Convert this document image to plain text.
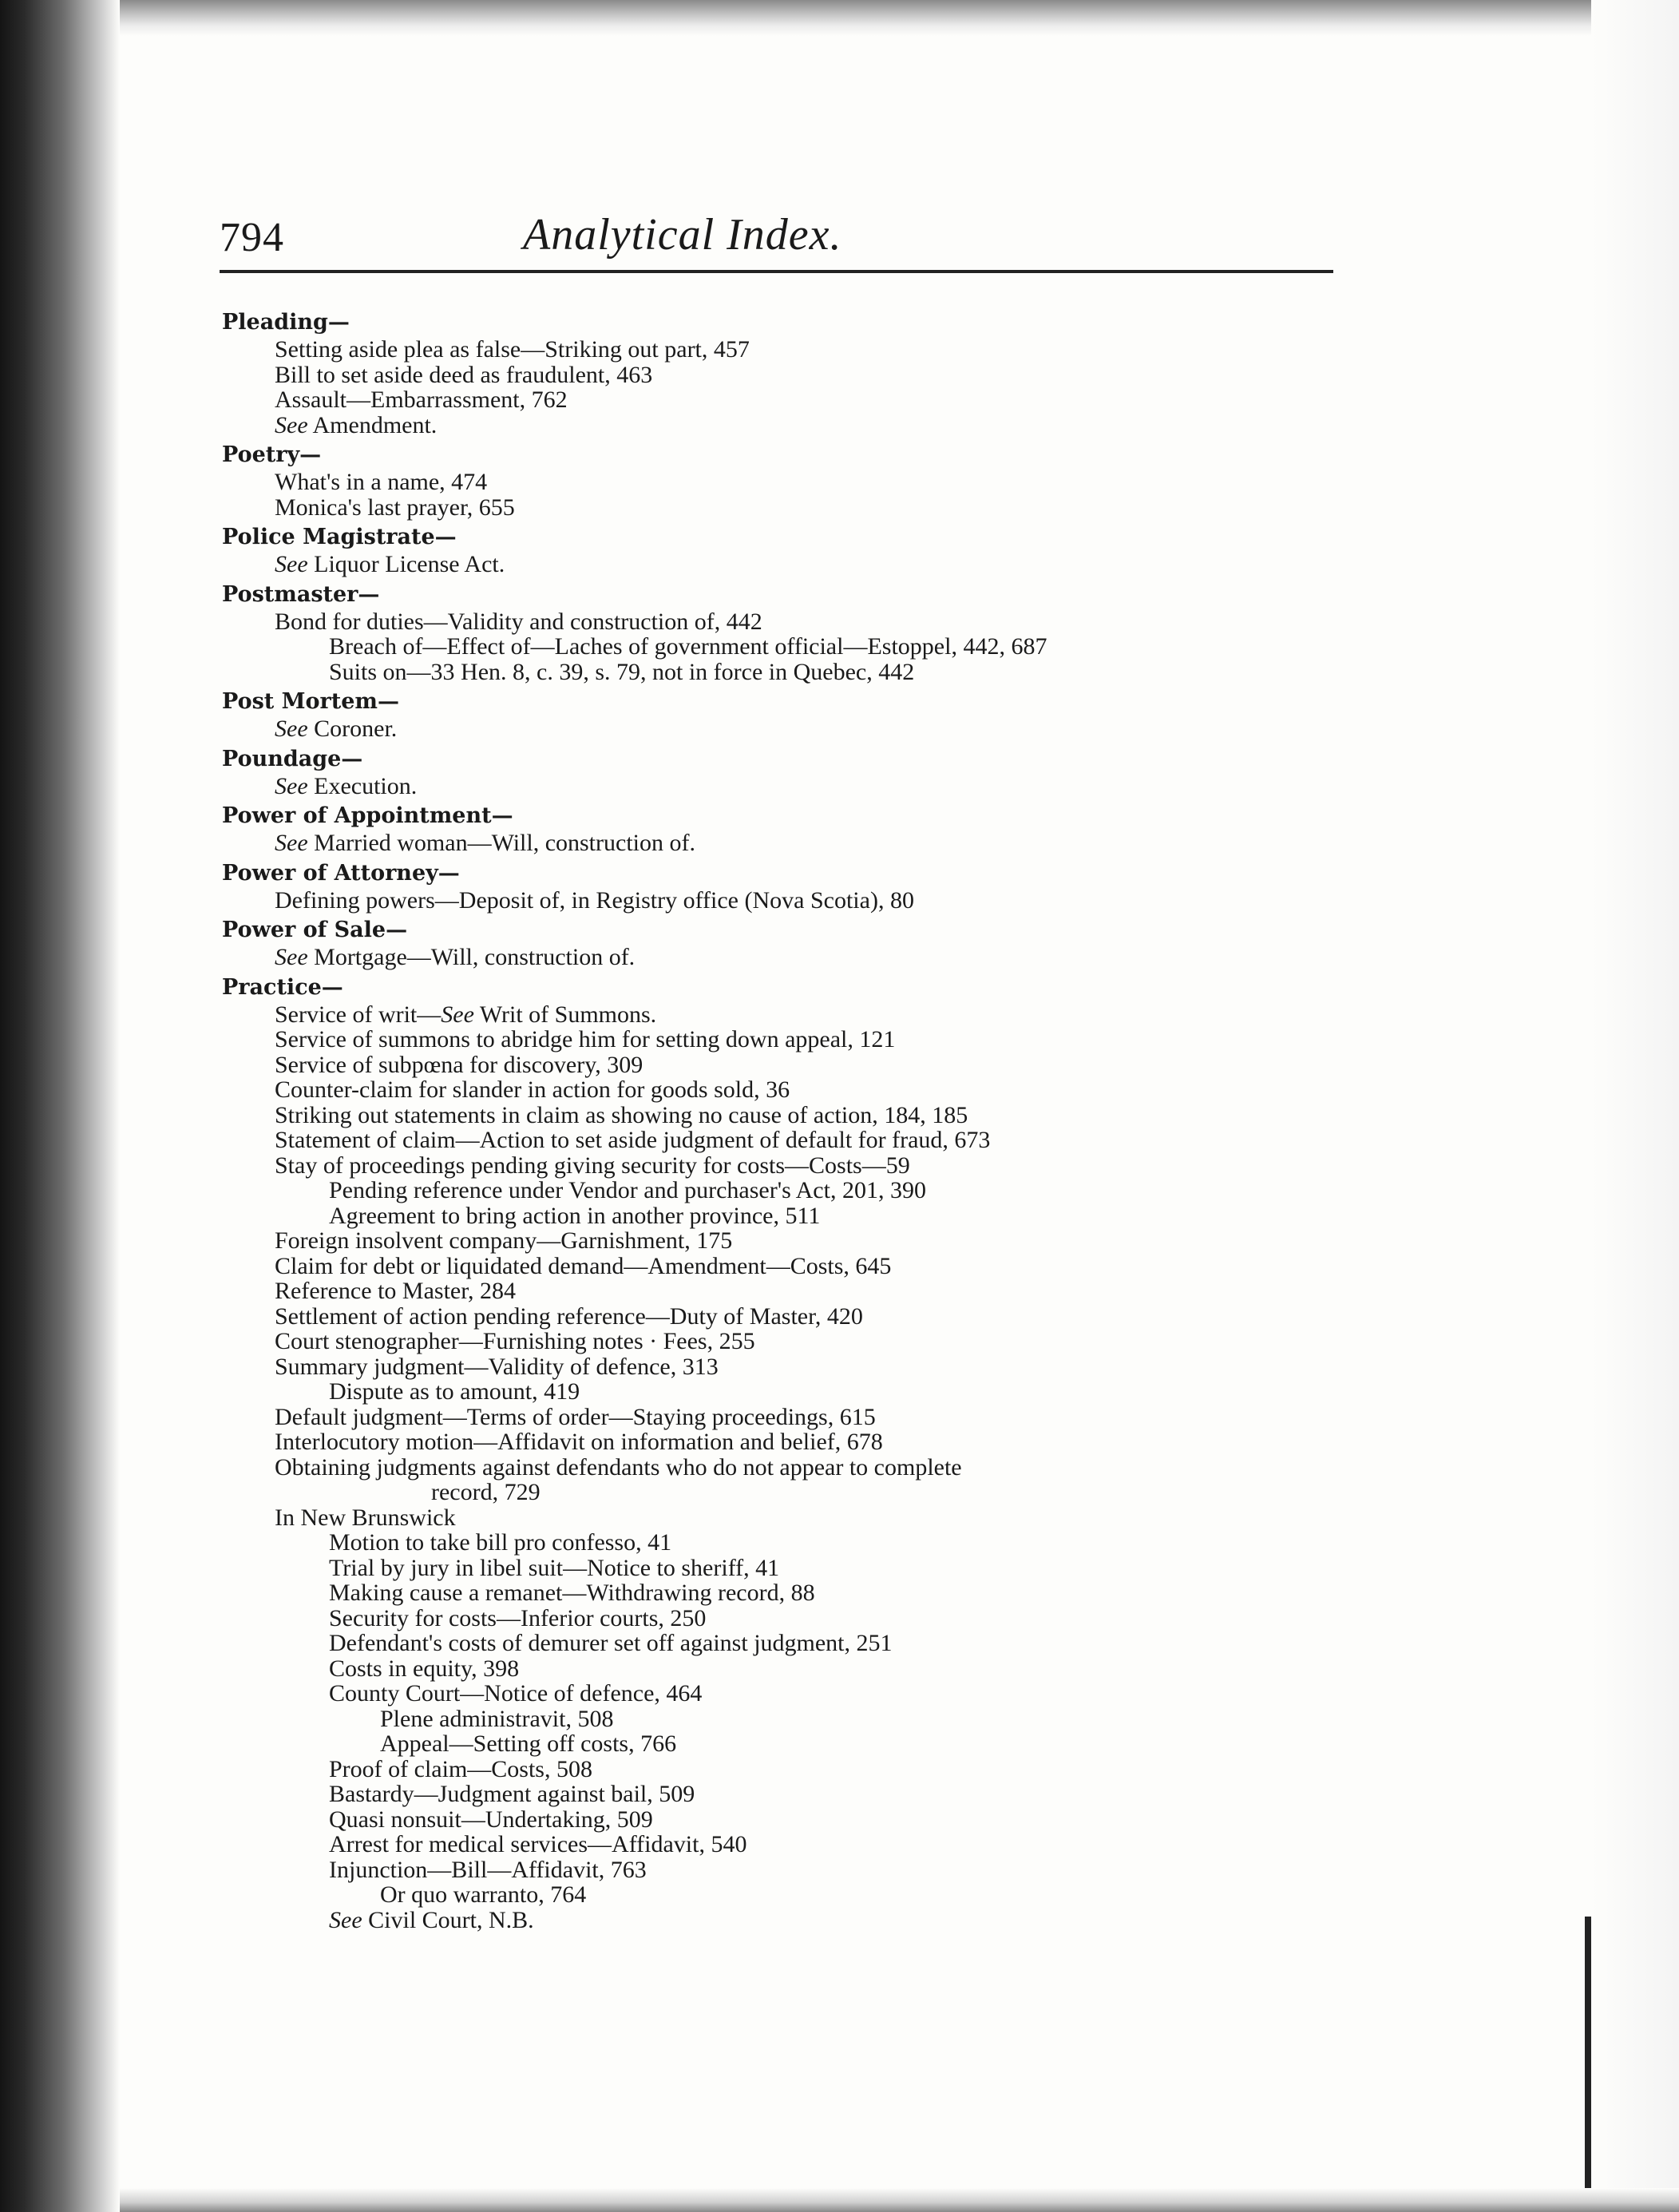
794	Analytical Index.
Pleading—
Setting aside plea as false—Striking out part, 457
Bill to set aside deed as fraudulent, 463
Assault—Embarrassment, 762
See Amendment.
Poetry—
What's in a name, 474
Monica's last prayer, 655
Police Magistrate—
See Liquor License Act.
Postmaster—
Bond for duties—Validity and construction of, 442
Breach of—Effect of—Laches of government official—Estoppel, 442, 687
Suits on—33 Hen. 8, c. 39, s. 79, not in force in Quebec, 442
Post Mortem—
See Coroner.
Poundage—
See Execution.
Power of Appointment—
See Married woman—Will, construction of.
Power of Attorney—
Defining powers—Deposit of, in Registry office (Nova Scotia), 80
Power of Sale—
See Mortgage—Will, construction of.
Practice—
Service of writ—See Writ of Summons.
Service of summons to abridge him for setting down appeal, 121
Service of subpœna for discovery, 309
Counter-claim for slander in action for goods sold, 36
Striking out statements in claim as showing no cause of action, 184, 185
Statement of claim—Action to set aside judgment of default for fraud, 673
Stay of proceedings pending giving security for costs—Costs—59
Pending reference under Vendor and purchaser's Act, 201, 390
Agreement to bring action in another province, 511
Foreign insolvent company—Garnishment, 175
Claim for debt or liquidated demand—Amendment—Costs, 645
Reference to Master, 284
Settlement of action pending reference—Duty of Master, 420
Court stenographer—Furnishing notes · Fees, 255
Summary judgment—Validity of defence, 313
Dispute as to amount, 419
Default judgment—Terms of order—Staying proceedings, 615
Interlocutory motion—Affidavit on information and belief, 678
Obtaining judgments against defendants who do not appear to complete
record, 729
In New Brunswick
Motion to take bill pro confesso, 41
Trial by jury in libel suit—Notice to sheriff, 41
Making cause a remanet—Withdrawing record, 88
Security for costs—Inferior courts, 250
Defendant's costs of demurer set off against judgment, 251
Costs in equity, 398
County Court—Notice of defence, 464
Plene administravit, 508
Appeal—Setting off costs, 766
Proof of claim—Costs, 508
Bastardy—Judgment against bail, 509
Quasi nonsuit—Undertaking, 509
Arrest for medical services—Affidavit, 540
Injunction—Bill—Affidavit, 763
Or quo warranto, 764
See Civil Court, N.B.
